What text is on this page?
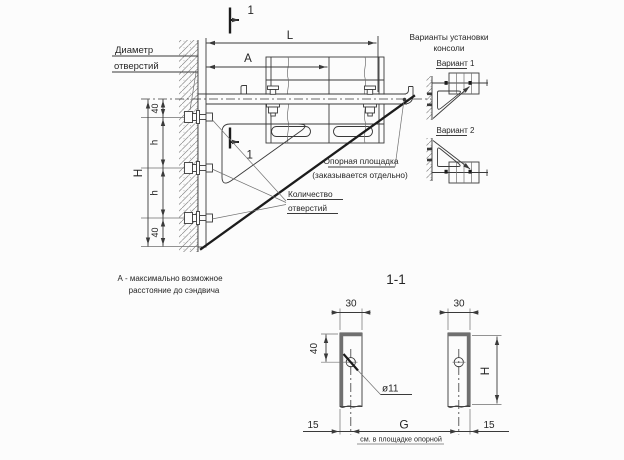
L
A
1
1
H
40
h
h
40
Диаметр
отверстий
Количество
отверстий
Опорная площадка
(заказывается отдельно)
А - максимально возможное
расстояние до сэндвича
Варианты установки
консоли
Вариант 1
Вариант 2
1-1
ø11
30	30
40
H
15	G	15
см. в площадке опорной
